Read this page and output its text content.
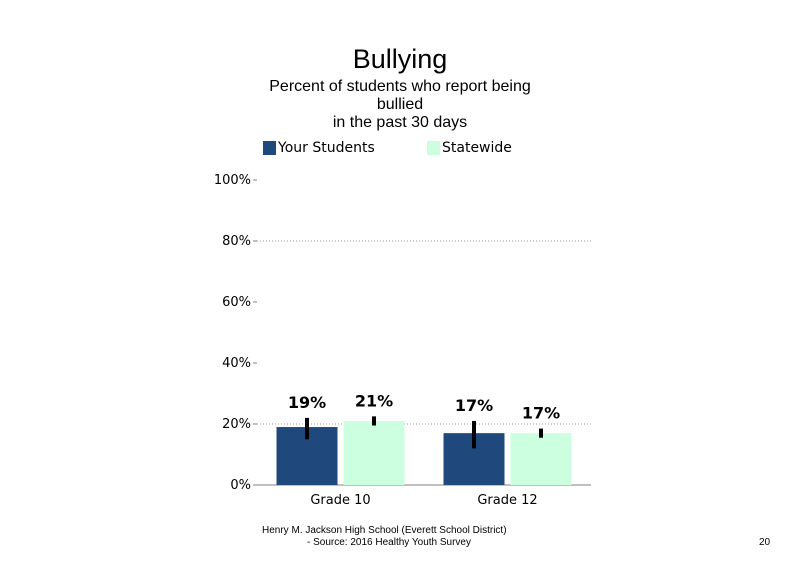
Bullying
Percent of students who report being
bullied
in the past 30 days
Your Students	Statewide
0%
20%
40%
60%
80%
100%
19% 21%
Grade 10
17% 17%
Grade 12
Henry M. Jackson High School (Everett School District)
- Source: 2016 Healthy Youth Survey	20
